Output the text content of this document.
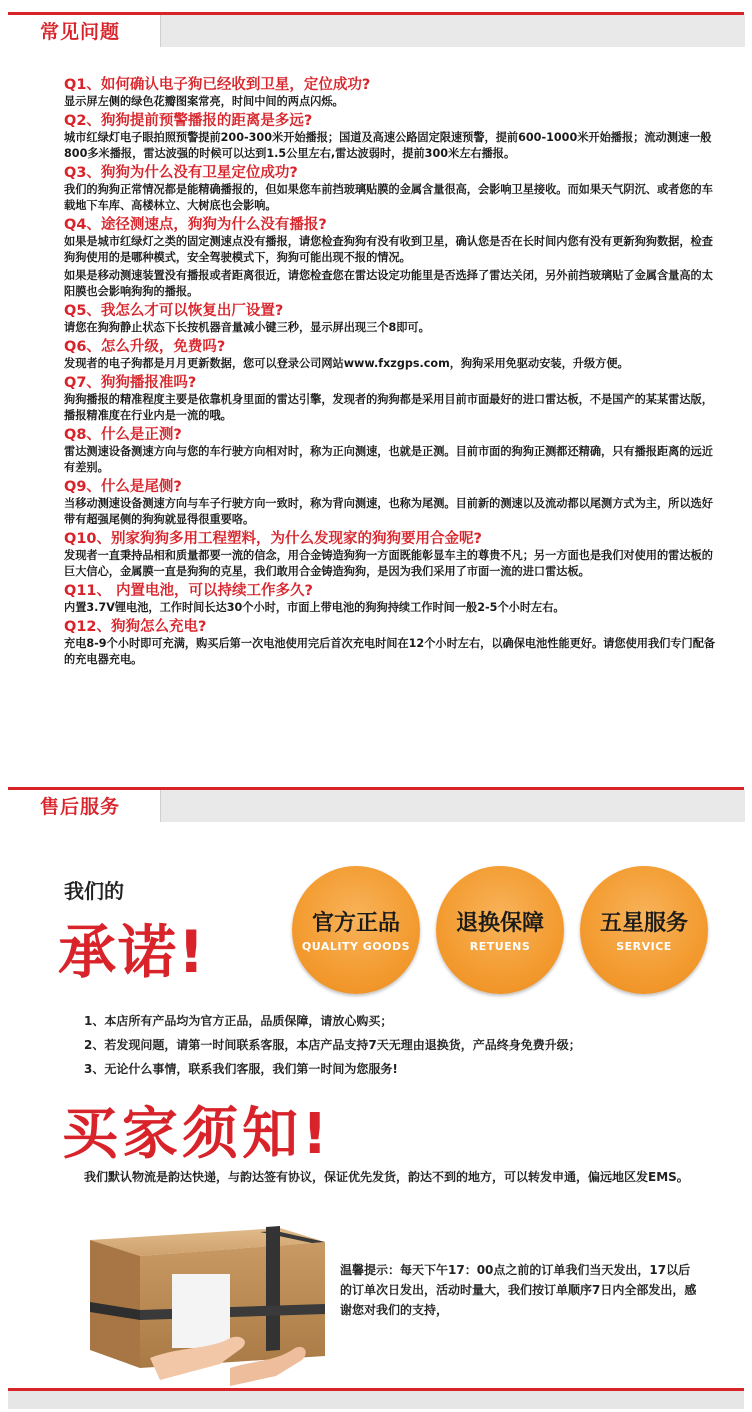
常见问题

Q1、如何确认电子狗已经收到卫星，定位成功?

显示屏左侧的绿色花瓣图案常亮，时间中间的两点闪烁。

Q2、狗狗提前预警播报的距离是多远?

城市红绿灯电子眼拍照预警提前200-300米开始播报；国道及高速公路固定限速预警，提前600-1000米开始播报；流动测速一般800多米播报，雷达波强的时候可以达到1.5公里左右,雷达波弱时，提前300米左右播报。

Q3、狗狗为什么没有卫星定位成功?

我们的狗狗正常情况都是能精确播报的，但如果您车前挡玻璃贴膜的金属含量很高，会影响卫星接收。而如果天气阴沉、或者您的车载地下车库、高楼林立、大树底也会影响。

Q4、途径测速点，狗狗为什么没有播报?

如果是城市红绿灯之类的固定测速点没有播报，请您检查狗狗有没有收到卫星，确认您是否在长时间内您有没有更新狗狗数据，检查狗狗使用的是哪种模式，安全驾驶模式下，狗狗可能出现不报的情况。

如果是移动测速装置没有播报或者距离很近，请您检查您在雷达设定功能里是否选择了雷达关闭，另外前挡玻璃贴了金属含量高的太阳膜也会影响狗狗的播报。

Q5、我怎么才可以恢复出厂设置?

请您在狗狗静止状态下长按机器音量减小键三秒，显示屏出现三个8即可。

Q6、怎么升级，免费吗?

发现者的电子狗都是月月更新数据，您可以登录公司网站www.fxzgps.com，狗狗采用免驱动安装，升级方便。

Q7、狗狗播报准吗?

狗狗播报的精准程度主要是依靠机身里面的雷达引擎，发现者的狗狗都是采用目前市面最好的进口雷达板，不是国产的某某雷达版，播报精准度在行业内是一流的哦。

Q8、什么是正测?

雷达测速设备测速方向与您的车行驶方向相对时，称为正向测速，也就是正测。目前市面的狗狗正测都还精确，只有播报距离的远近有差别。

Q9、什么是尾侧?

当移动测速设备测速方向与车子行驶方向一致时，称为背向测速，也称为尾测。目前新的测速以及流动都以尾测方式为主，所以选好带有超强尾侧的狗狗就显得很重要咯。

Q10、别家狗狗多用工程塑料，为什么发现家的狗狗要用合金呢?

发现者一直秉持品相和质量都要一流的信念，用合金铸造狗狗一方面既能彰显车主的尊贵不凡；另一方面也是我们对使用的雷达板的巨大信心，金属膜一直是狗狗的克星，我们敢用合金铸造狗狗，是因为我们采用了市面一流的进口雷达板。

Q11、 内置电池，可以持续工作多久?

内置3.7V锂电池，工作时间长达30个小时，市面上带电池的狗狗持续工作时间一般2-5个小时左右。

Q12、狗狗怎么充电?

充电8-9个小时即可充满，购买后第一次电池使用完后首次充电时间在12个小时左右，以确保电池性能更好。请您使用我们专门配备的充电器充电。

售后服务
我们的
承诺!	官方正品
QUALITY GOODS
退换保障
RETUENS
五星服务
SERVICE

1、本店所有产品均为官方正品，品质保障，请放心购买；

2、若发现问题，请第一时间联系客服，本店产品支持7天无理由退换货，产品终身免费升级；

3、无论什么事情，联系我们客服，我们第一时间为您服务!

买家须知!
我们默认物流是韵达快递，与韵达签有协议，保证优先发货，韵达不到的地方，可以转发申通，偏远地区发EMS。
温馨提示：每天下午17：00点之前的订单我们当天发出，17以后的订单次日发出，活动时量大，我们按订单顺序7日内全部发出，感谢您对我们的支持，
